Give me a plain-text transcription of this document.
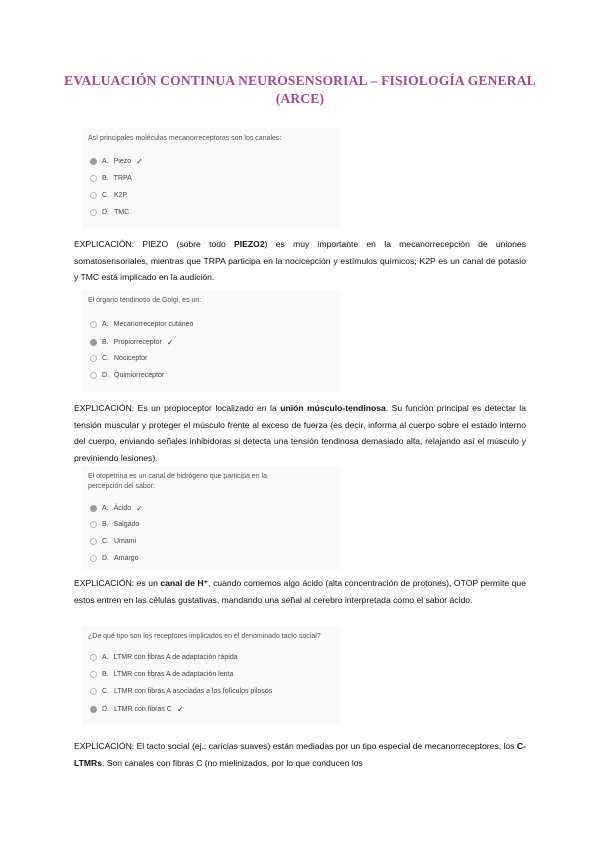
EVALUACIÓN CONTINUA NEUROSENSORIAL – FISIOLOGÍA GENERAL (ARCE)
Así principales moléculas mecanorreceptoras son los canales:
A. Piezo ✓
B. TRPA
C. K2P
D. TMC
EXPLICACIÓN: PIEZO (sobre todo PIEZO2) es muy importante en la mecanorrecepción de uniones somatosensoriales, mientras que TRPA participa en la nocicepción y estímulos químicos; K2P es un canal de potasio y TMC está implicado en la audición.
El órgano tendinoso de Golgi, es un:
A. Mecanorreceptor cutáneo
B. Propiorreceptor ✓
C. Nociceptor
D. Quimiorreceptor
EXPLICACIÓN: Es un propioceptor localizado en la unión músculo-tendinosa. Su función principal es detectar la tensión muscular y proteger el músculo frente al exceso de fuerza (es decir, informa al cuerpo sobre el estado interno del cuerpo, enviando señales inhibidoras si detecta una tensión tendinosa demasiado alta, relajando así el músculo y previniendo lesiones).
El otopetrina es un canal de hidrógeno que participa en la percepción del sabor:
A. Ácido ✓
B. Salgado
C. Umami
D. Amargo
EXPLICACIÓN: es un canal de H⁺, cuando comemos algo ácido (alta concentración de protones), OTOP permite que estos entren en las células gustativas, mandando una señal al cerebro interpretada como el sabor ácido.
¿De qué tipo son los receptores implicados en el denominado tacto social?
A. LTMR con fibras A de adaptación rápida
B. LTMR con fibras A de adaptación lenta
C. LTMR con fibras A asociadas a los folículos pilosos
D. LTMR con fibras C ✓
EXPLICACIÓN: El tacto social (ej.: caricias suaves) están mediadas por un tipo especial de mecanorreceptores, los C-LTMRs. Son canales con fibras C (no mielinizados, por lo que conducen los
